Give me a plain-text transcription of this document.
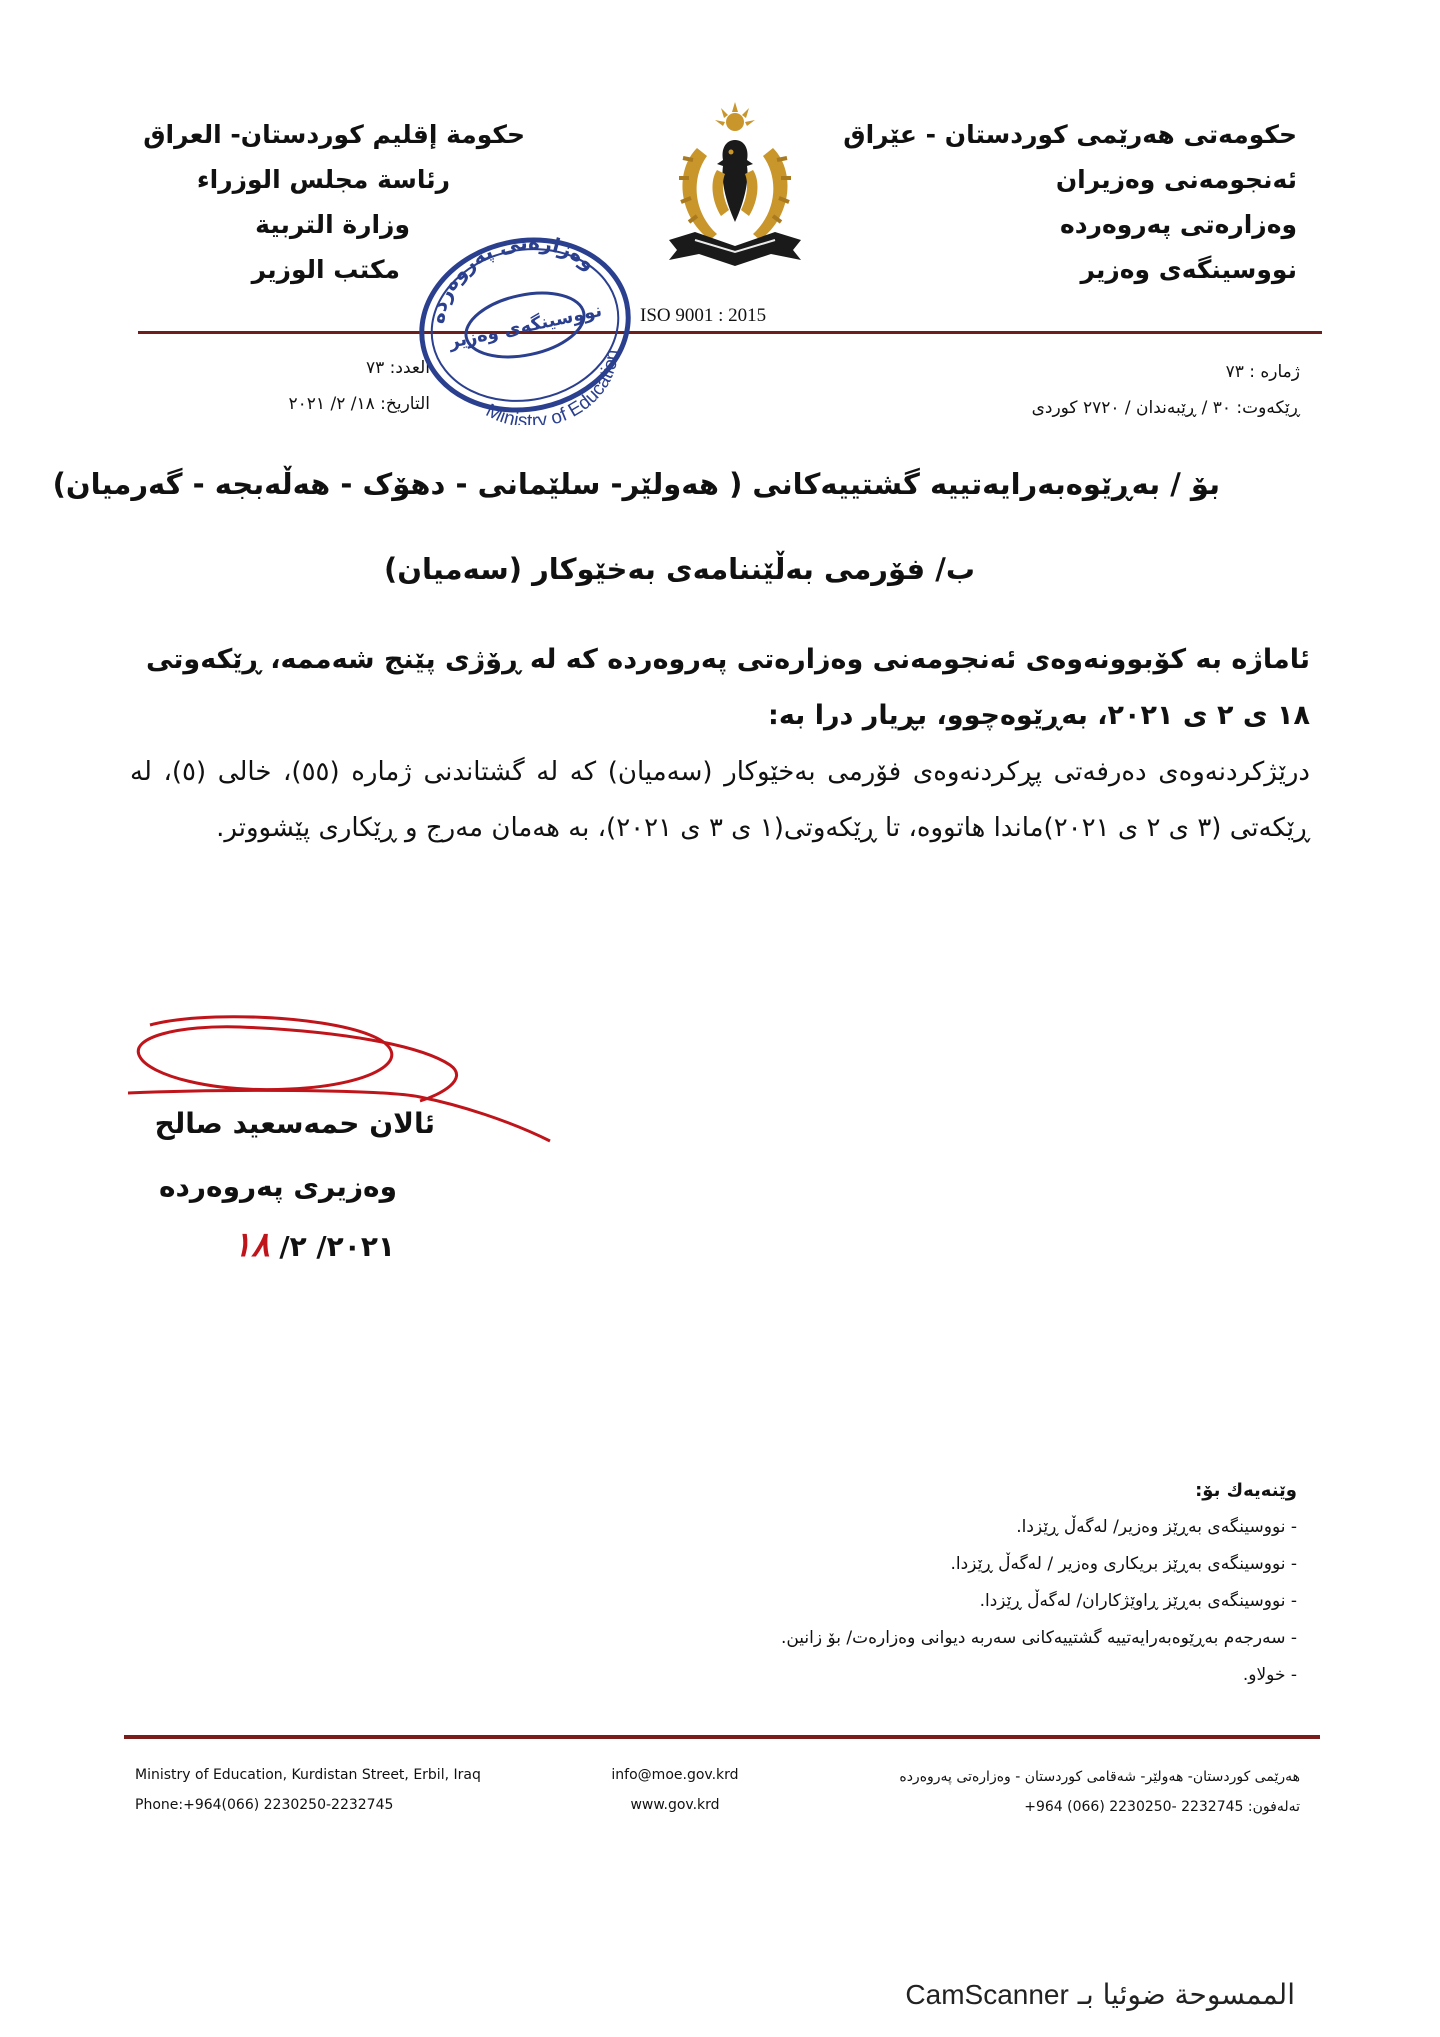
حکومەتی هەرێمی کوردستان - عێراق
ئەنجومەنی وەزیران
وەزارەتی پەروەردە
نووسینگەی وەزیر
حكومة إقليم كوردستان- العراق
رئاسة مجلس الوزراء
وزارة التربية
مكتب الوزير
ISO 9001 : 2015
ژمارە : ٧٣
ڕێکەوت: ٣٠ / ڕێبەندان / ٢٧٢٠ کوردی
العدد: ٧٣
التاريخ: ١٨/ ٢/ ٢٠٢١
وەزارەتی پەروەردە
نووسینگەی وەزیر
Ministry of Education
بۆ / بەڕێوەبەرایەتییە گشتییەکانی ( هەولێر- سلێمانی - دهۆک - هەڵەبجە - گەرمیان)
ب/ فۆرمی بەڵێننامەی بەخێوکار (سەمیان)
ئاماژە بە کۆبوونەوەی ئەنجومەنی وەزارەتی پەروەردە کە لە ڕۆژی پێنج شەممە، ڕێکەوتی ١٨ ی ٢ ی ٢٠٢١، بەڕێوەچوو، بڕیار درا بە:
درێژکردنەوەی دەرفەتی پڕکردنەوەی فۆرمی بەخێوکار (سەمیان) کە لە گشتاندنی ژمارە (٥٥)، خالی (٥)، لە ڕێکەتی (٣ ی ٢ ی ٢٠٢١)ماندا هاتووە، تا ڕێکەوتی(١ ی ٣ ی ٢٠٢١)، بە هەمان مەرج و ڕێکاری پێشووتر.
ئالان حمەسعید صالح
وەزیری پەروەردە
٢٠٢١/ ٢/ ١٨
وێنەیەك بۆ:
- نووسینگەی بەڕێز وەزیر/ لەگەڵ ڕێزدا.
- نووسینگەی بەڕێز بریکاری وەزیر / لەگەڵ ڕێزدا.
- نووسینگەی بەڕێز ڕاوێژکاران/ لەگەڵ ڕێزدا.
- سەرجەم بەڕێوەبەرایەتییە گشتییەکانی سەربە دیوانی وەزارەت/ بۆ زانین.
- خولاو.
Ministry of Education, Kurdistan Street, Erbil, Iraq
Phone:+964(066) 2230250-2232745
info@moe.gov.krd
www.gov.krd
هەرێمی کوردستان- هەولێر- شەقامی کوردستان - وەزارەتی پەروەردە
تەلەفون: +964 (066) 2230250- 2232745
الممسوحة ضوئيا بـ CamScanner
